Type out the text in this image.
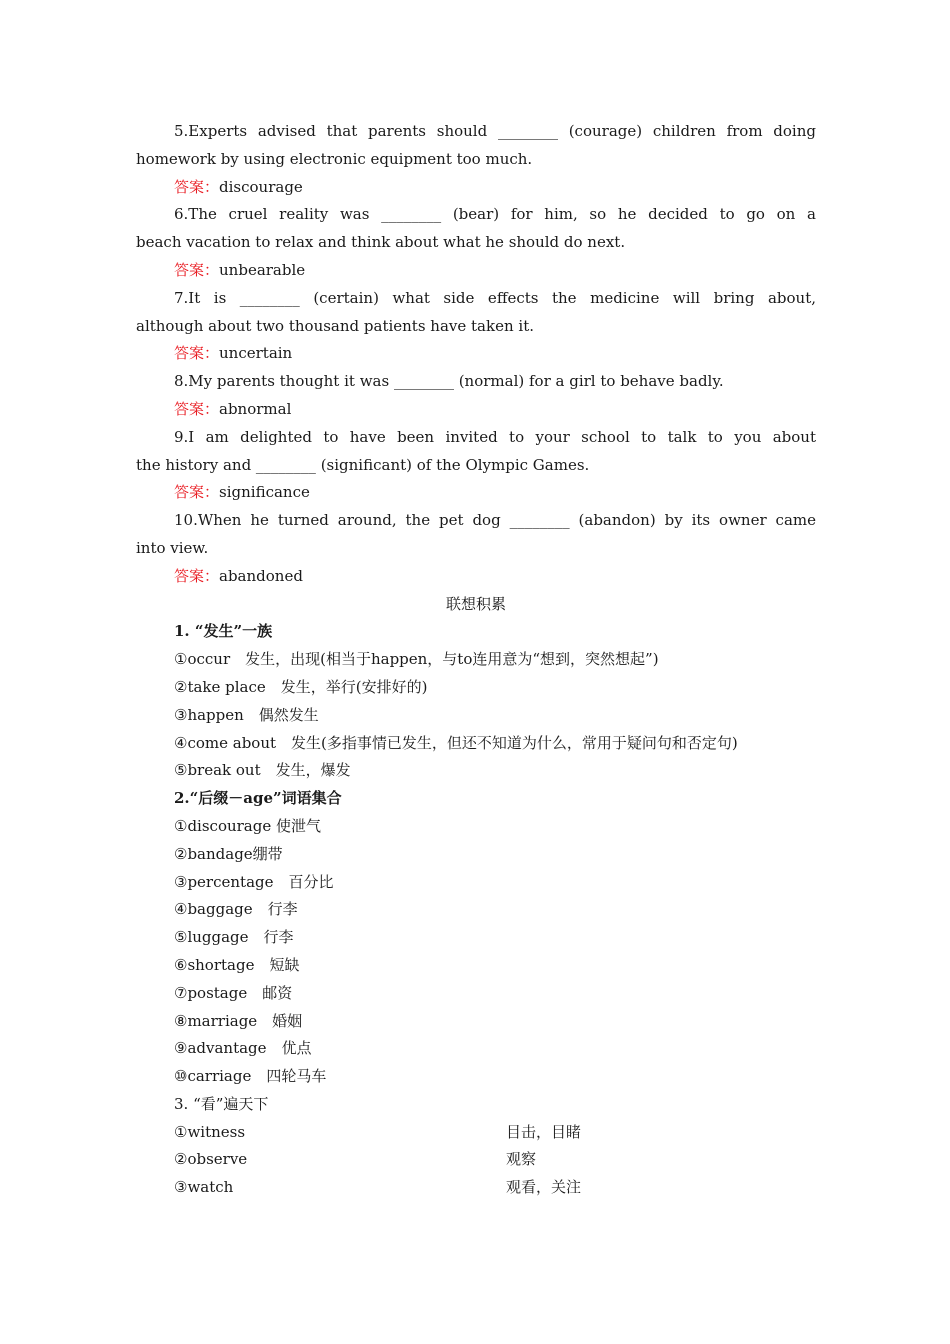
5.Experts advised that parents should ________ (courage) children from doing
homework by using electronic equipment too much.
答案：discourage
6.The cruel reality was ________ (bear) for him, so he decided to go on a
beach vacation to relax and think about what he should do next.
答案：unbearable
7.It is ________ (certain) what side effects the medicine will bring about,
although about two thousand patients have taken it.
答案：uncertain
8.My parents thought it was ________ (normal) for a girl to behave badly.
答案：abnormal
9.I am delighted to have been invited to your school to talk to you about
the history and ________ (significant) of the Olympic Games.
答案：significance
10.When he turned around, the pet dog ________ (abandon) by its owner came
into view.
答案：abandoned
联想积累
1. “发生”一族
①occur　发生，出现(相当于happen，与to连用意为“想到，突然想起”)
②take place　发生，举行(安排好的)
③happen　偶然发生
④come about　发生(多指事情已发生，但还不知道为什么，常用于疑问句和否定句)
⑤break out　发生，爆发
2.“后缀－age”词语集合
①discourage 使泄气
②bandage绷带
③percentage　百分比
④baggage　行李
⑤luggage　行李
⑥shortage　短缺
⑦postage　邮资
⑧marriage　婚姻
⑨advantage　优点
⑩carriage　四轮马车
3. “看”遍天下
①witness	目击，目睹
②observe	观察
③watch	观看，关注
